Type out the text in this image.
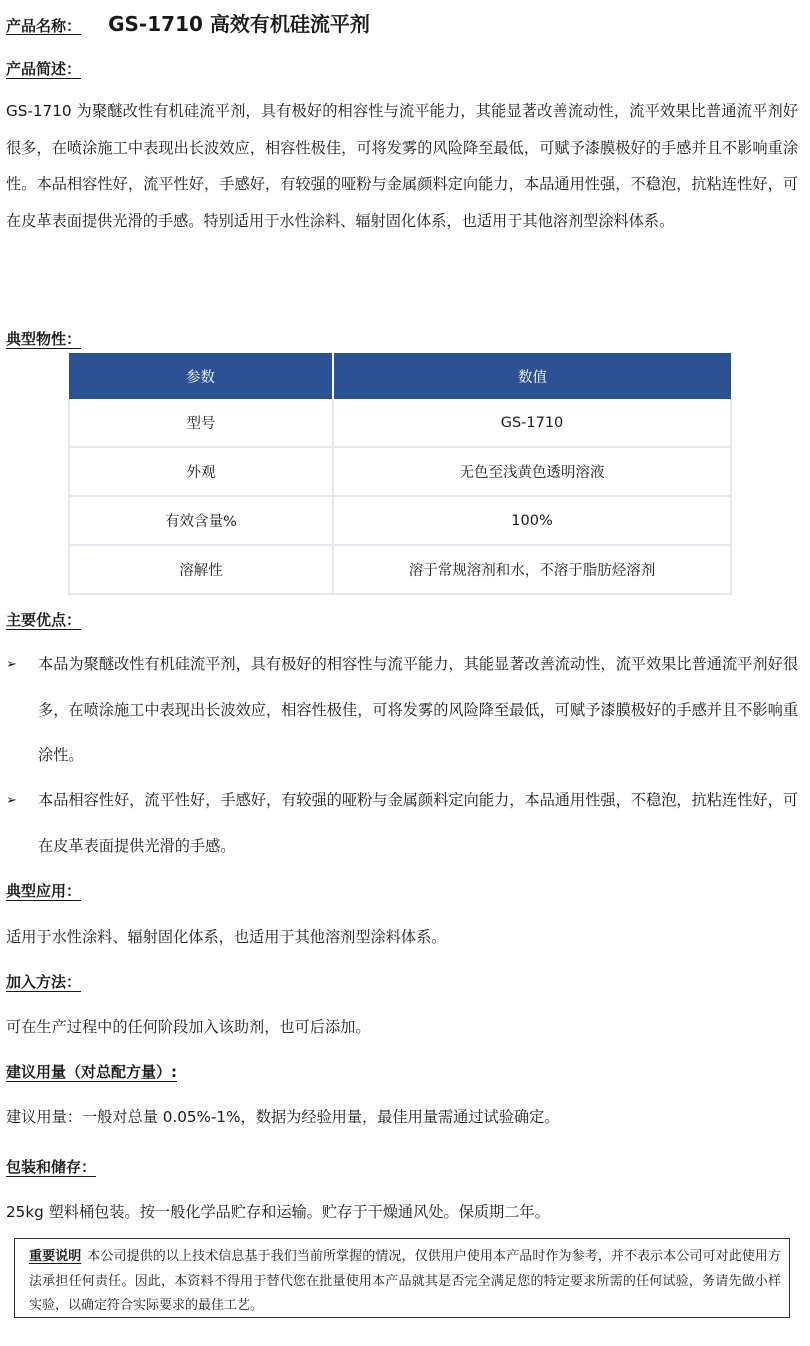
产品名称： GS-1710 高效有机硅流平剂
产品简述：
GS-1710 为聚醚改性有机硅流平剂，具有极好的相容性与流平能力，其能显著改善流动性，流平效果比普通流平剂好很多，在喷涂施工中表现出长波效应，相容性极佳，可将发雾的风险降至最低，可赋予漆膜极好的手感并且不影响重涂性。本品相容性好，流平性好，手感好，有较强的哑粉与金属颜料定向能力，本品通用性强，不稳泡，抗粘连性好，可在皮革表面提供光滑的手感。特别适用于水性涂料、辐射固化体系，也适用于其他溶剂型涂料体系。
典型物性：
参数	数值
型号	GS-1710
外观	无色至浅黄色透明溶液
有效含量%	100%
溶解性	溶于常规溶剂和水，不溶于脂肪烃溶剂
主要优点：
➢ 本品为聚醚改性有机硅流平剂，具有极好的相容性与流平能力，其能显著改善流动性，流平效果比普通流平剂好很多，在喷涂施工中表现出长波效应，相容性极佳，可将发雾的风险降至最低，可赋予漆膜极好的手感并且不影响重涂性。
➢ 本品相容性好，流平性好，手感好，有较强的哑粉与金属颜料定向能力，本品通用性强，不稳泡，抗粘连性好，可在皮革表面提供光滑的手感。
典型应用：
适用于水性涂料、辐射固化体系，也适用于其他溶剂型涂料体系。
加入方法：
可在生产过程中的任何阶段加入该助剂，也可后添加。
建议用量（对总配方量）:
建议用量：一般对总量 0.05%-1%，数据为经验用量，最佳用量需通过试验确定。
包装和储存：
25kg 塑料桶包装。按一般化学品贮存和运输。贮存于干燥通风处。保质期二年。
重要说明 本公司提供的以上技术信息基于我们当前所掌握的情况，仅供用户使用本产品时作为参考，并不表示本公司可对此使用方法承担任何责任。因此，本资料不得用于替代您在批量使用本产品就其是否完全满足您的特定要求所需的任何试验，务请先做小样实验，以确定符合实际要求的最佳工艺。
